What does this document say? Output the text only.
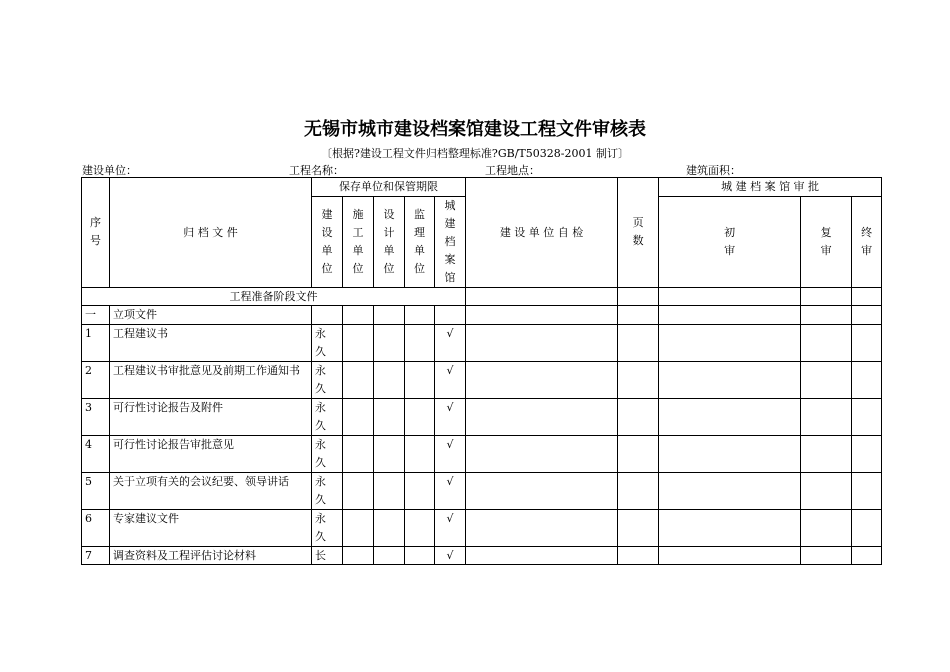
无锡市城市建设档案馆建设工程文件审核表
〔根据?建设工程文件归档整理标准?GB/T50328-2001 制订〕
建设单位：	工程名称：	工程地点：	建筑面积：
序号	归 档 文 件	保存单位和保管期限					建 设 单 位 自 检	页数	城 建 档 案 馆 审 批		
		建设单位	施工单位	设计单位	监理单位	城建档案馆			初审	复审	终审
工程准备阶段文件											
一	立项文件										
1	工程建议书	永久				√					
2	工程建议书审批意见及前期工作通知书	永久				√					
3	可行性讨论报告及附件	永久				√					
4	可行性讨论报告审批意见	永久				√					
5	关于立项有关的会议纪要、领导讲话	永久				√					
6	专家建议文件	永久				√					
7	调查资料及工程评估讨论材料	长				√					
